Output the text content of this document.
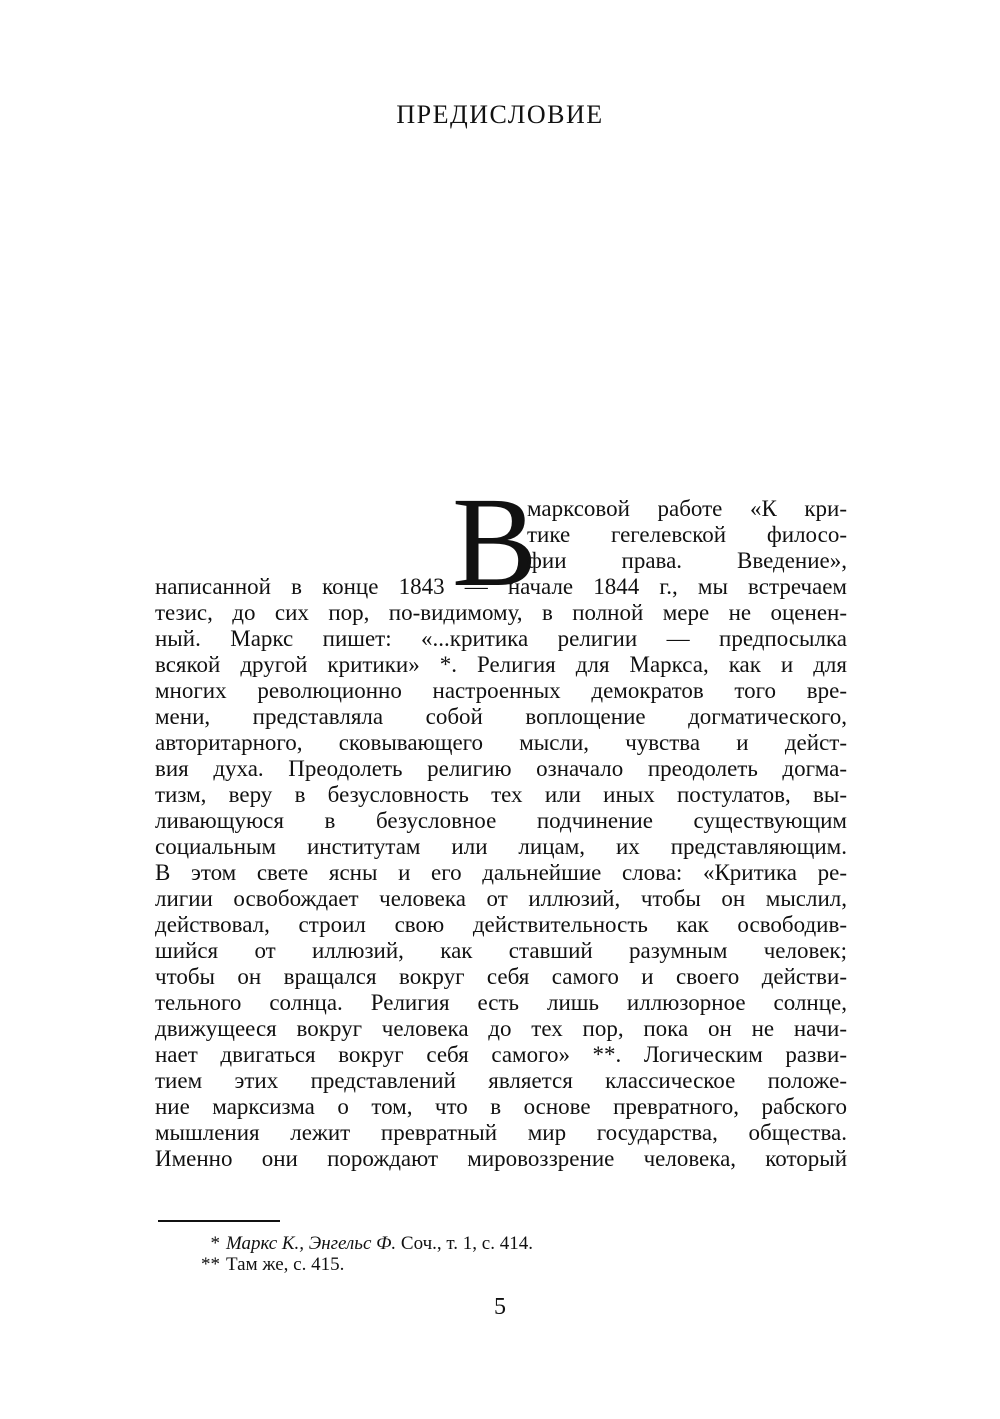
ПРЕДИСЛОВИЕ
В
марксовой работе «К кри-
тике гегелевской филосо-
фии права. Введение»,
написанной в конце 1843 — начале 1844 г., мы встречаем
тезис, до сих пор, по-видимому, в полной мере не оценен-
ный. Маркс пишет: «...критика религии — предпосылка
всякой другой критики» *. Религия для Маркса, как и для
многих революционно настроенных демократов того вре-
мени, представляла собой воплощение догматического,
авторитарного, сковывающего мысли, чувства и дейст-
вия духа. Преодолеть религию означало преодолеть догма-
тизм, веру в безусловность тех или иных постулатов, вы-
ливающуюся в безусловное подчинение существующим
социальным институтам или лицам, их представляющим.
В этом свете ясны и его дальнейшие слова: «Критика ре-
лигии освобождает человека от иллюзий, чтобы он мыслил,
действовал, строил свою действительность как освободив-
шийся от иллюзий, как ставший разумным человек;
чтобы он вращался вокруг себя самого и своего действи-
тельного солнца. Религия есть лишь иллюзорное солнце,
движущееся вокруг человека до тех пор, пока он не начи-
нает двигаться вокруг себя самого» **. Логическим разви-
тием этих представлений является классическое положе-
ние марксизма о том, что в основе превратного, рабского
мышления лежит превратный мир государства, общества.
Именно они порождают мировоззрение человека, который
* Маркс К., Энгельс Ф. Соч., т. 1, с. 414.
** Там же, с. 415.
5
